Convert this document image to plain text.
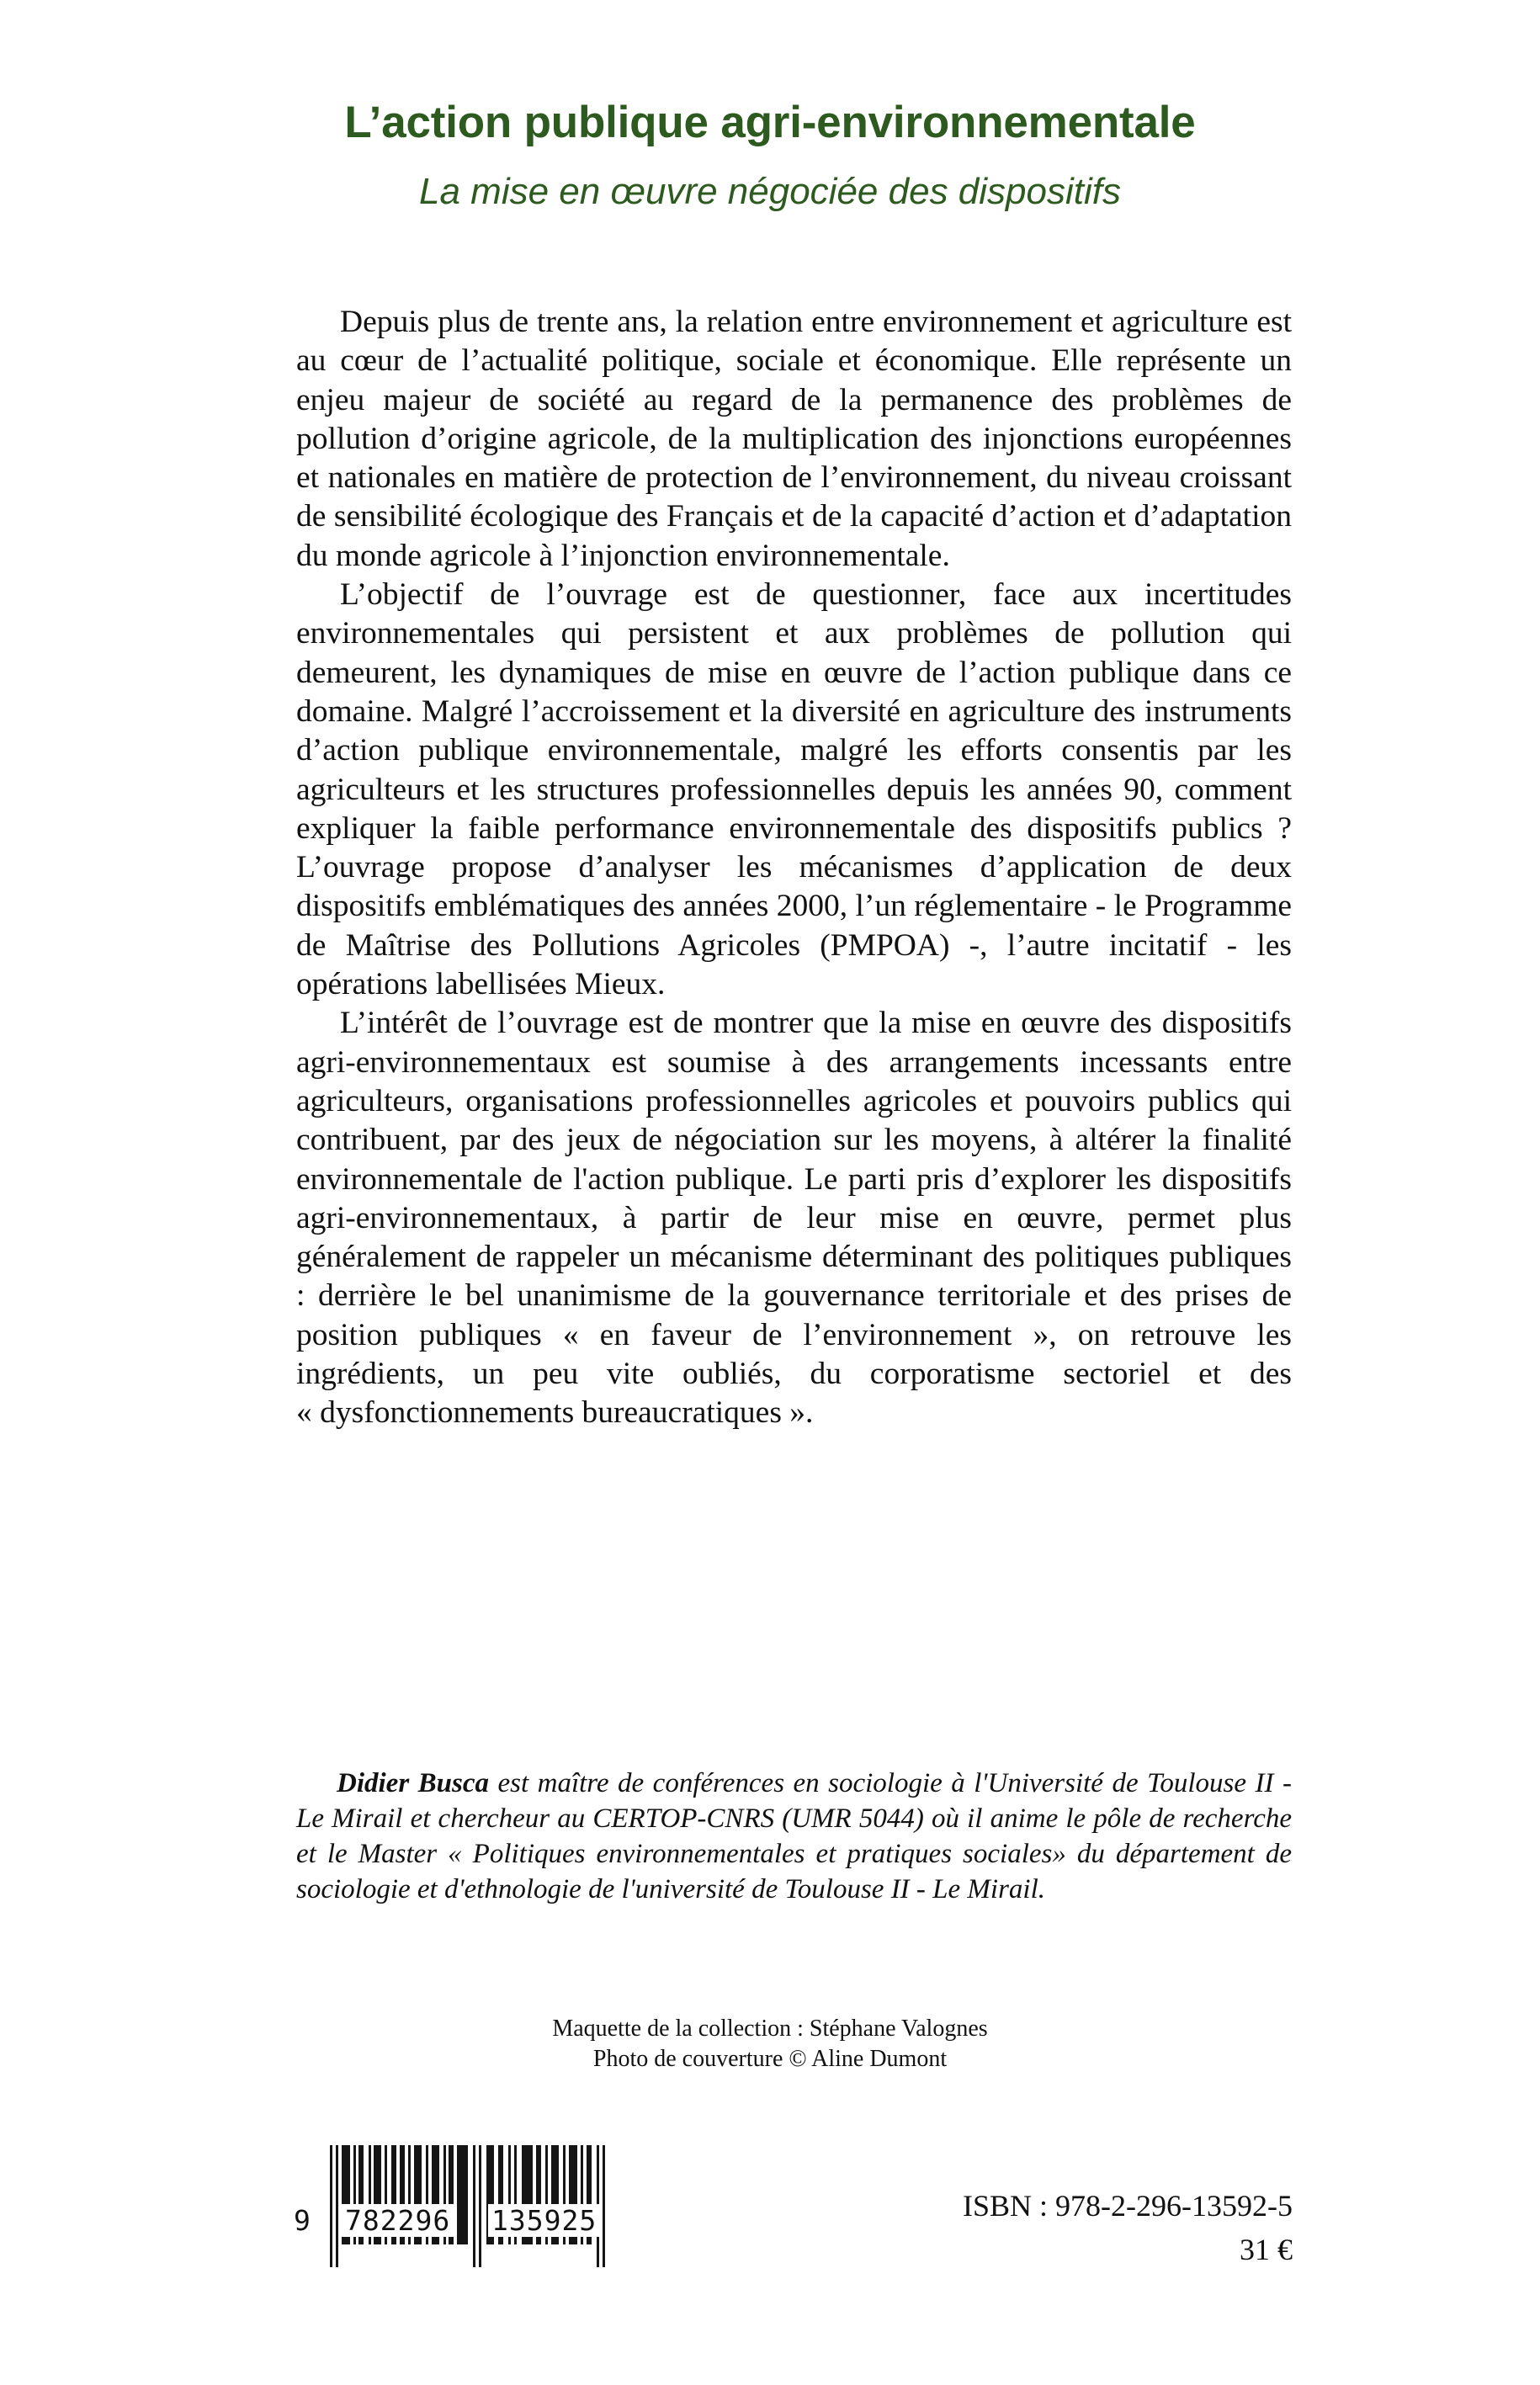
L’action publique agri-environnementale
La mise en œuvre négociée des dispositifs

Depuis plus de trente ans, la relation entre environnement et agriculture est au cœur de l’actualité politique, sociale et économique. Elle représente un enjeu majeur de société au regard de la permanence des problèmes de pollution d’origine agricole, de la multiplication des injonctions européennes et nationales en matière de protection de l’environnement, du niveau croissant de sensibilité écologique des Français et de la capacité d’action et d’adaptation du monde agricole à l’injonction environnementale.

L’objectif de l’ouvrage est de questionner, face aux incertitudes environnementales qui persistent et aux problèmes de pollution qui demeurent, les dynamiques de mise en œuvre de l’action publique dans ce domaine. Malgré l’accroissement et la diversité en agriculture des instruments d’action publique environnementale, malgré les efforts consentis par les agriculteurs et les structures professionnelles depuis les années 90, comment expliquer la faible performance environnementale des dispositifs publics ? L’ouvrage propose d’analyser les mécanismes d’application de deux dispositifs emblématiques des années 2000, l’un réglementaire - le Programme de Maîtrise des Pollutions Agricoles (PMPOA) -, l’autre incitatif - les opérations labellisées Mieux.

L’intérêt de l’ouvrage est de montrer que la mise en œuvre des dispositifs agri-environnementaux est soumise à des arrangements incessants entre agriculteurs, organisations professionnelles agricoles et pouvoirs publics qui contribuent, par des jeux de négociation sur les moyens, à altérer la finalité environnementale de l'action publique. Le parti pris d’explorer les dispositifs agri-environnementaux, à partir de leur mise en œuvre, permet plus généralement de rappeler un mécanisme déterminant des politiques publiques : derrière le bel unanimisme de la gouvernance territoriale et des prises de position publiques « en faveur de l’environnement », on retrouve les ingrédients, un peu vite oubliés, du corporatisme sectoriel et des « dysfonctionnements bureaucratiques ».

Didier Busca est maître de conférences en sociologie à l'Université de Toulouse II - Le Mirail et chercheur au CERTOP-CNRS (UMR 5044) où il anime le pôle de recherche et le Master « Politiques environnementales et pratiques sociales» du département de sociologie et d'ethnologie de l'université de Toulouse II - Le Mirail.

Maquette de la collection : Stéphane Valognes
Photo de couverture © Aline Dumont
9 782296 135925	ISBN : 978-2-296-13592-5
31 €
